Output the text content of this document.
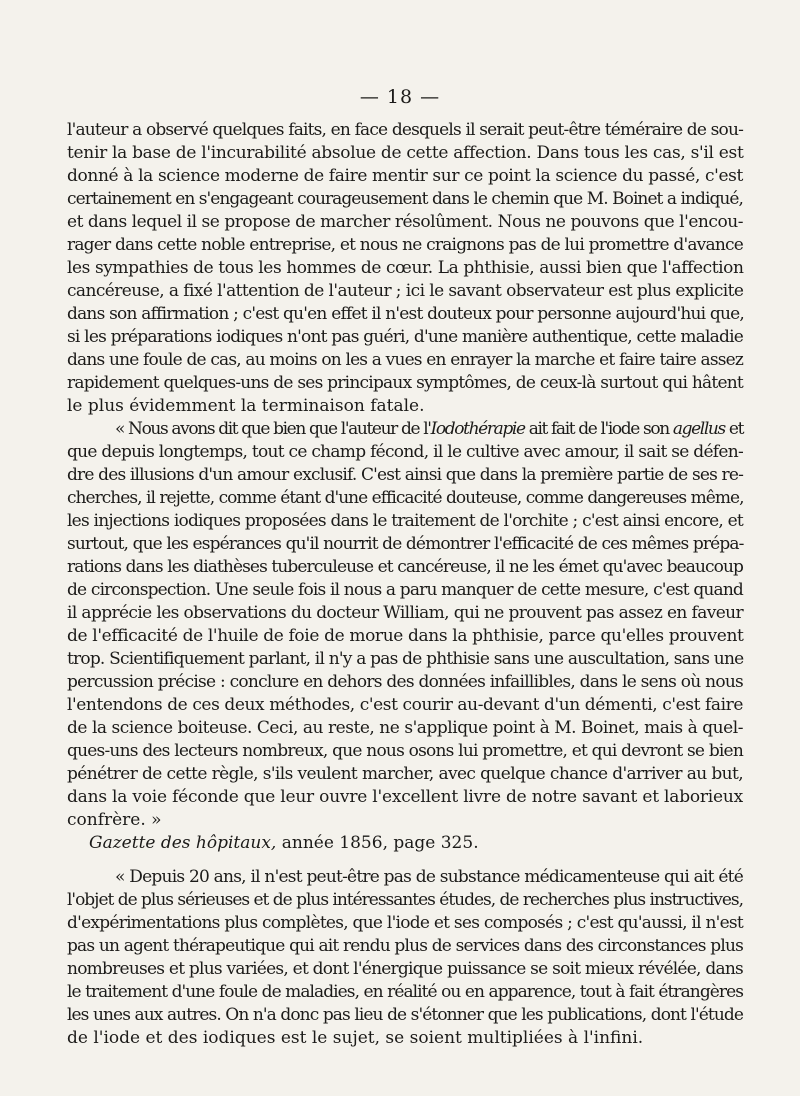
— 18 —
l'auteur a observé quelques faits, en face desquels il serait peut-être téméraire de sou-
tenir la base de l'incurabilité absolue de cette affection. Dans tous les cas, s'il est
donné à la science moderne de faire mentir sur ce point la science du passé, c'est
certainement en s'engageant courageusement dans le chemin que M. Boinet a indiqué,
et dans lequel il se propose de marcher résolûment. Nous ne pouvons que l'encou-
rager dans cette noble entreprise, et nous ne craignons pas de lui promettre d'avance
les sympathies de tous les hommes de cœur. La phthisie, aussi bien que l'affection
cancéreuse, a fixé l'attention de l'auteur ; ici le savant observateur est plus explicite
dans son affirmation ; c'est qu'en effet il n'est douteux pour personne aujourd'hui que,
si les préparations iodiques n'ont pas guéri, d'une manière authentique, cette maladie
dans une foule de cas, au moins on les a vues en enrayer la marche et faire taire assez
rapidement quelques-uns de ses principaux symptômes, de ceux-là surtout qui hâtent
le plus évidemment la terminaison fatale.
« Nous avons dit que bien que l'auteur de l'Iodothérapie ait fait de l'iode son agellus et
que depuis longtemps, tout ce champ fécond, il le cultive avec amour, il sait se défen-
dre des illusions d'un amour exclusif. C'est ainsi que dans la première partie de ses re-
cherches, il rejette, comme étant d'une efficacité douteuse, comme dangereuses même,
les injections iodiques proposées dans le traitement de l'orchite ; c'est ainsi encore, et
surtout, que les espérances qu'il nourrit de démontrer l'efficacité de ces mêmes prépa-
rations dans les diathèses tuberculeuse et cancéreuse, il ne les émet qu'avec beaucoup
de circonspection. Une seule fois il nous a paru manquer de cette mesure, c'est quand
il apprécie les observations du docteur William, qui ne prouvent pas assez en faveur
de l'efficacité de l'huile de foie de morue dans la phthisie, parce qu'elles prouvent
trop. Scientifiquement parlant, il n'y a pas de phthisie sans une auscultation, sans une
percussion précise : conclure en dehors des données infaillibles, dans le sens où nous
l'entendons de ces deux méthodes, c'est courir au-devant d'un démenti, c'est faire
de la science boiteuse. Ceci, au reste, ne s'applique point à M. Boinet, mais à quel-
ques-uns des lecteurs nombreux, que nous osons lui promettre, et qui devront se bien
pénétrer de cette règle, s'ils veulent marcher, avec quelque chance d'arriver au but,
dans la voie féconde que leur ouvre l'excellent livre de notre savant et laborieux
confrère. »
Gazette des hôpitaux, année 1856, page 325.
« Depuis 20 ans, il n'est peut-être pas de substance médicamenteuse qui ait été
l'objet de plus sérieuses et de plus intéressantes études, de recherches plus instructives,
d'expérimentations plus complètes, que l'iode et ses composés ; c'est qu'aussi, il n'est
pas un agent thérapeutique qui ait rendu plus de services dans des circonstances plus
nombreuses et plus variées, et dont l'énergique puissance se soit mieux révélée, dans
le traitement d'une foule de maladies, en réalité ou en apparence, tout à fait étrangères
les unes aux autres. On n'a donc pas lieu de s'étonner que les publications, dont l'étude
de l'iode et des iodiques est le sujet, se soient multipliées à l'infini.
